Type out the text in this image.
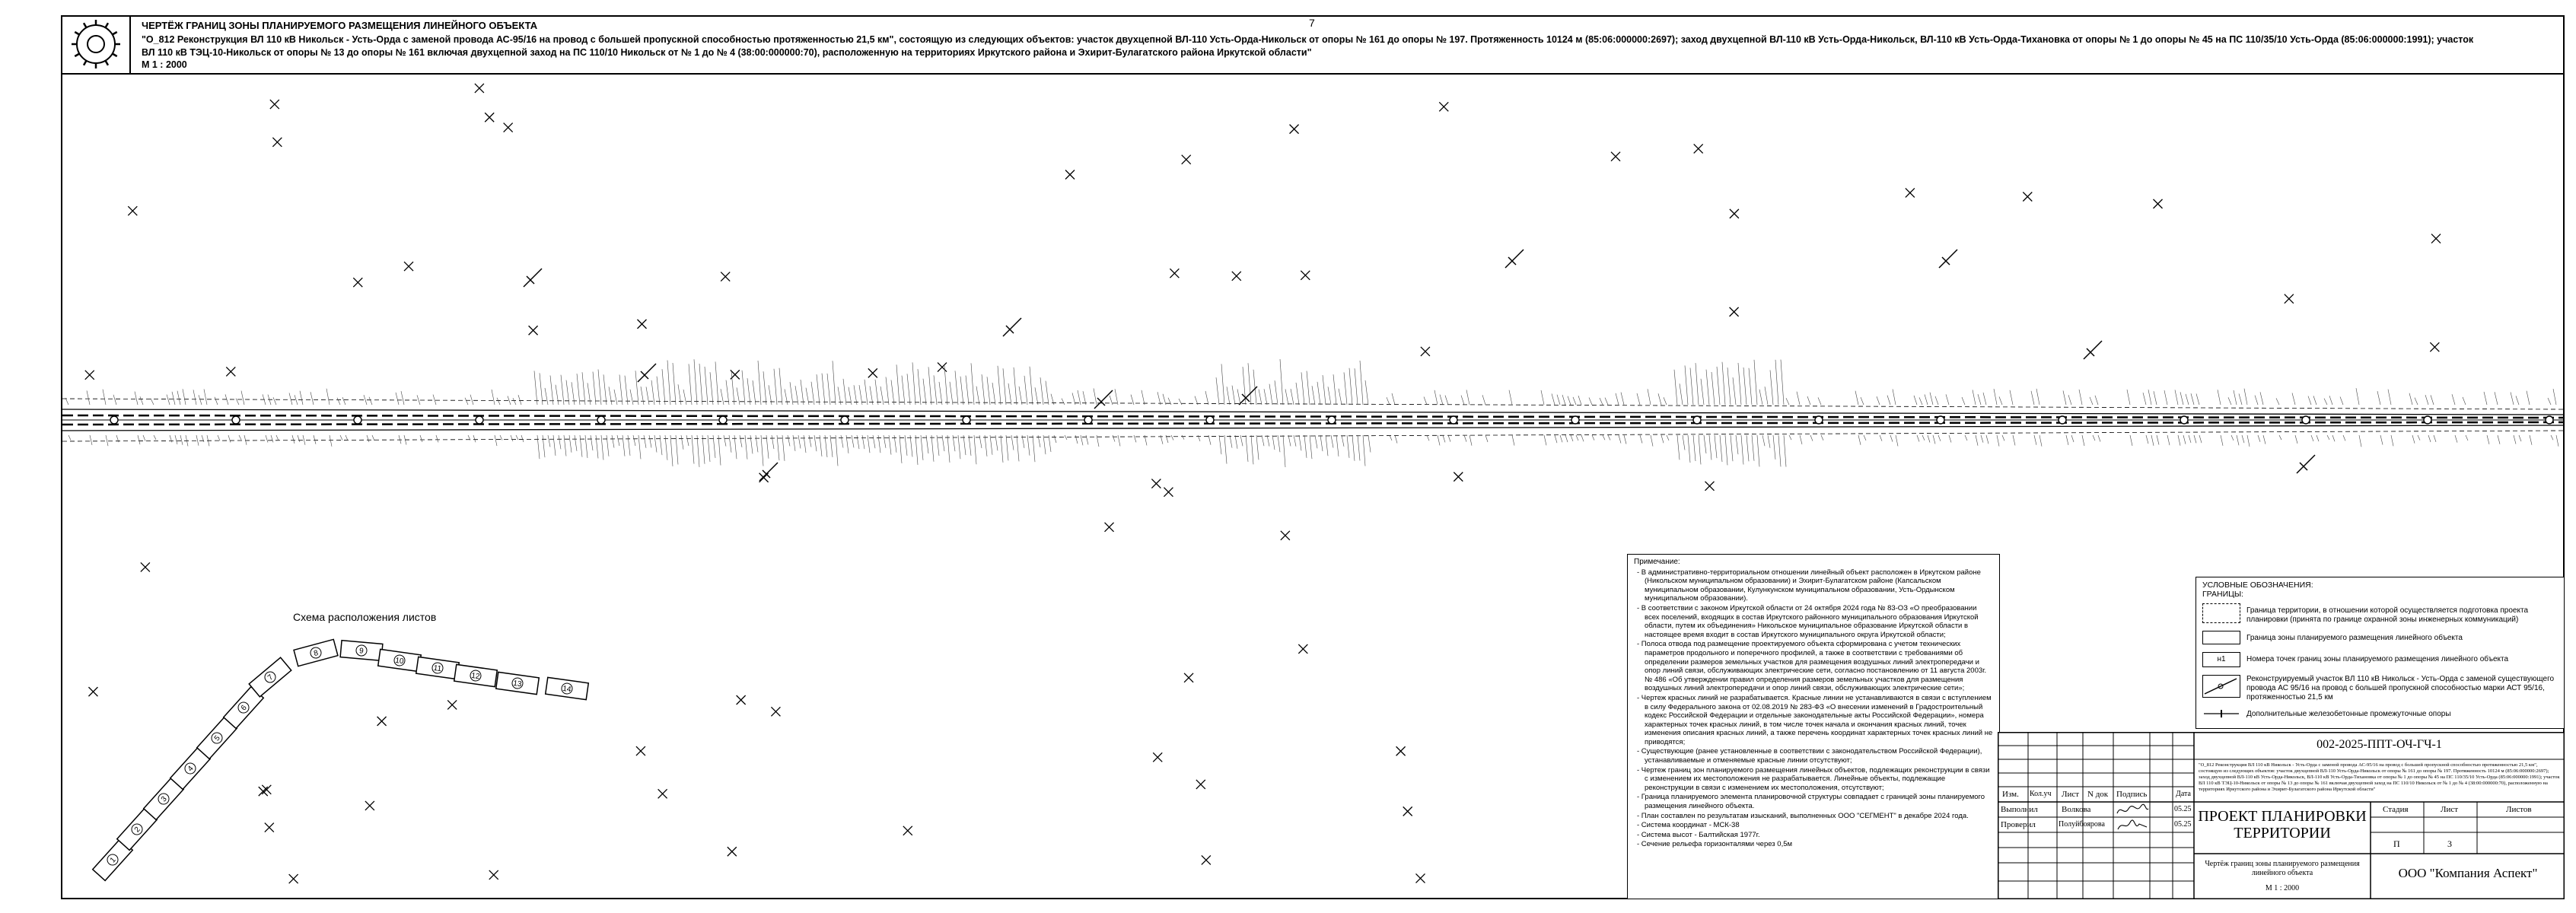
1
2
3
4
5
6
7
8	9
10
11
12
13
14
7
ЧЕРТЁЖ ГРАНИЦ ЗОНЫ ПЛАНИРУЕМОГО РАЗМЕЩЕНИЯ ЛИНЕЙНОГО ОБЪЕКТА
"О_812 Реконструкция ВЛ 110 кВ Никольск - Усть-Орда с заменой провода АС-95/16 на провод с большей пропускной способностью протяженностью 21,5 км", состоящую из следующих объектов: участок двухцепной ВЛ-110 Усть-Орда-Никольск от опоры № 161 до опоры № 197. Протяженность 10124 м (85:06:000000:2697); заход двухцепной ВЛ-110 кВ Усть-Орда-Никольск, ВЛ-110 кВ Усть-Орда-Тихановка от опоры № 1 до опоры № 45 на ПС 110/35/10 Усть-Орда (85:06:000000:1991); участок ВЛ 110 кВ ТЭЦ-10-Никольск от опоры № 13 до опоры № 161 включая двухцепной заход на ПС 110/10 Никольск от № 1 до № 4 (38:00:000000:70), расположенную на территориях Иркутского района и Эхирит-Булагатского района Иркутской области"
М 1 : 2000
Примечание:

- В административно-территориальном отношении линейный объект расположен в Иркутском районе (Никольском муниципальном образовании) и Эхирит-Булагатском районе (Капсальском муниципальном образовании, Кулункунском муниципальном образовании, Усть-Ордынском муниципальном образовании).

- В соответствии с законом Иркутской области от 24 октября 2024 года № 83-ОЗ «О преобразовании всех поселений, входящих в состав Иркутского районного муниципального образования Иркутской области, путем их объединения» Никольское муниципальное образование Иркутской области в настоящее время входит в состав Иркутского муниципального округа Иркутской области;

- Полоса отвода под размещение проектируемого объекта сформирована с учетом технических параметров продольного и поперечного профилей, а также в соответствии с требованиями об определении размеров земельных участков для размещения воздушных линий электропередачи и опор линий связи, обслуживающих электрические сети, согласно постановлению от 11 августа 2003г. № 486 «Об утверждении правил определения размеров земельных участков для размещения воздушных линий электропередачи и опор линий связи, обслуживающих электрические сети»;

- Чертеж красных линий не разрабатывается. Красные линии не устанавливаются в связи с вступлением в силу Федерального закона от 02.08.2019 № 283-ФЗ «О внесении изменений в Градостроительный кодекс Российской Федерации и отдельные законодательные акты Российской Федерации», номера характерных точек красных линий, в том числе точек начала и окончания красных линий, точек изменения описания красных линий, а также перечень координат характерных точек красных линий не приводятся;

- Существующие (ранее установленные в соответствии с законодательством Российской Федерации), устанавливаемые и отменяемые красные линии отсутствуют;

- Чертеж границ зон планируемого размещения линейных объектов, подлежащих реконструкции в связи с изменением их местоположения не разрабатывается. Линейные объекты, подлежащие реконструкции в связи с изменением их местоположения, отсутствуют;

- Граница планируемого элемента планировочной структуры совпадает с границей зоны планируемого размещения линейного объекта.

- План составлен по результатам изысканий, выполненных ООО "СЕГМЕНТ" в декабре 2024 года.

- Система координат - МСК-38

- Система высот - Балтийская 1977г.

- Сечение рельефа горизонталями через 0,5м

УСЛОВНЫЕ ОБОЗНАЧЕНИЯ:
ГРАНИЦЫ:
Граница территории, в отношении которой осуществляется подготовка проекта планировки (принята по границе охранной зоны инженерных коммуникаций)
Граница зоны планируемого размещения линейного объекта
н1	Номера точек границ зоны планируемого размещения линейного объекта
Реконструируемый участок ВЛ 110 кВ Никольск - Усть-Орда с заменой существующего провода АС 95/16 на провод с большей пропускной способностью марки АСТ 95/16, протяженностью 21,5 км
Дополнительные железобетонные промежуточные опоры
Изм. Кол.уч Лист N док Подпись	Дата
Выполнил	Волкова	05.25
Проверил	Полуйбоярова	05.25
002-2025-ППТ-ОЧ-ГЧ-1
"О_812 Реконструкция ВЛ 110 кВ Никольск - Усть-Орда с заменой провода АС-95/16 на провод с большей пропускной способностью протяженностью 21,5 км", состоящую из следующих объектов: участок двухцепной ВЛ-110 Усть-Орда-Никольск от опоры № 161 до опоры № 197. Протяженность 10124 м (85:06:000000:2697); заход двухцепной ВЛ-110 кВ Усть-Орда-Никольск, ВЛ-110 кВ Усть-Орда-Тихановка от опоры № 1 до опоры № 45 на ПС 110/35/10 Усть-Орда (85:06:000000:1991); участок ВЛ 110 кВ ТЭЦ-10-Никольск от опоры № 13 до опоры № 161 включая двухцепной заход на ПС 110/10 Никольск от № 1 до № 4 (38:00:000000:70), расположенную на территориях Иркутского района и Эхирит-Булагатского района Иркутской области"
ПРОЕКТ ПЛАНИРОВКИ ТЕРРИТОРИИ
Стадия	Лист	Листов
П	3
Чертёж границ зоны планируемого размещения линейного объекта
М 1 : 2000
ООО "Компания Аспект"
Схема расположения листов
